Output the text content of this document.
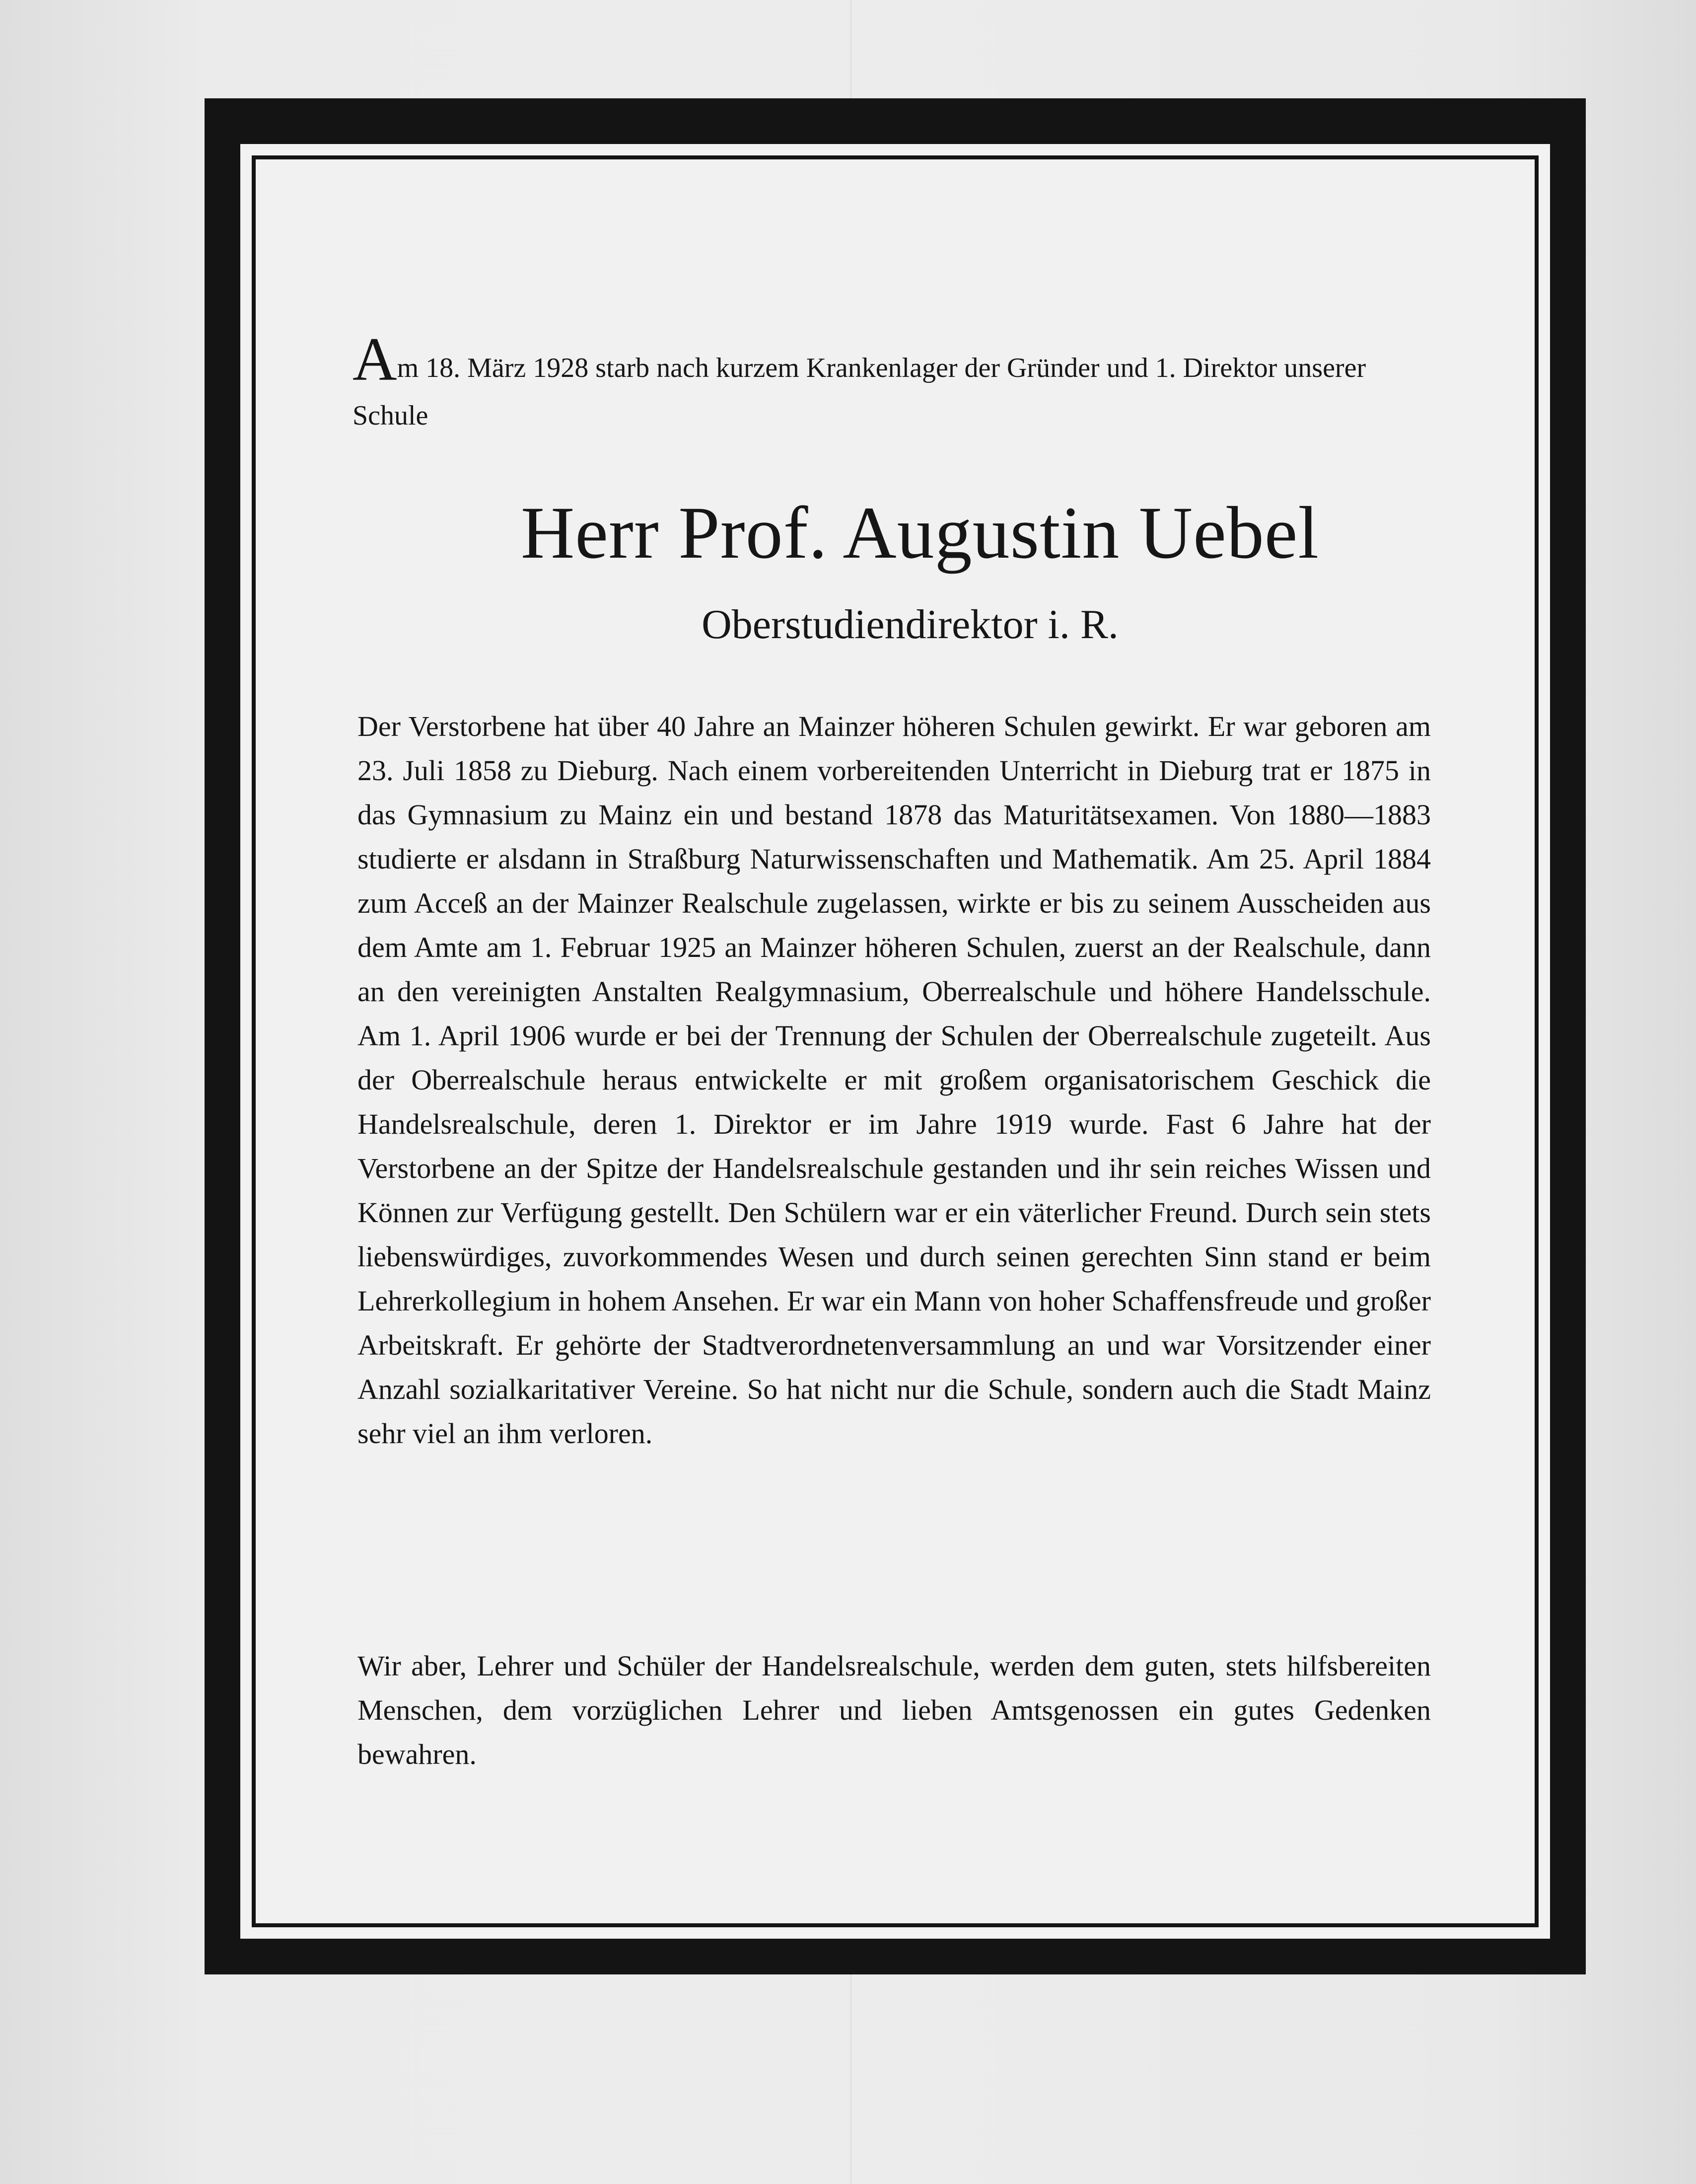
Am 18. März 1928 starb nach kurzem Krankenlager der Gründer und 1. Direktor unserer Schule

Herr Prof. Augustin Uebel
Oberstudiendirektor i. R.

Der Verstorbene hat über 40 Jahre an Mainzer höheren Schulen gewirkt. Er war geboren am 23. Juli 1858 zu Dieburg. Nach einem vorbereitenden Unterricht in Dieburg trat er 1875 in das Gymnasium zu Mainz ein und bestand 1878 das Maturitätsexamen. Von 1880—1883 studierte er alsdann in Straßburg Naturwissenschaften und Mathematik. Am 25. April 1884 zum Acceß an der Mainzer Realschule zugelassen, wirkte er bis zu seinem Ausscheiden aus dem Amte am 1. Februar 1925 an Mainzer höheren Schulen, zuerst an der Realschule, dann an den vereinigten Anstalten Realgymnasium, Oberrealschule und höhere Handelsschule. Am 1. April 1906 wurde er bei der Trennung der Schulen der Oberrealschule zugeteilt. Aus der Oberrealschule heraus entwickelte er mit großem organisatorischem Geschick die Handelsrealschule, deren 1. Direktor er im Jahre 1919 wurde. Fast 6 Jahre hat der Verstorbene an der Spitze der Handelsrealschule gestanden und ihr sein reiches Wissen und Können zur Verfügung gestellt. Den Schülern war er ein väterlicher Freund. Durch sein stets liebenswürdiges, zuvorkommendes Wesen und durch seinen gerechten Sinn stand er beim Lehrerkollegium in hohem Ansehen. Er war ein Mann von hoher Schaffensfreude und großer Arbeitskraft. Er gehörte der Stadtverordnetenversammlung an und war Vorsitzender einer Anzahl sozialkaritativer Vereine. So hat nicht nur die Schule, sondern auch die Stadt Mainz sehr viel an ihm verloren.

Wir aber, Lehrer und Schüler der Handelsrealschule, werden dem guten, stets hilfsbereiten Menschen, dem vorzüglichen Lehrer und lieben Amtsgenossen ein gutes Gedenken bewahren.
